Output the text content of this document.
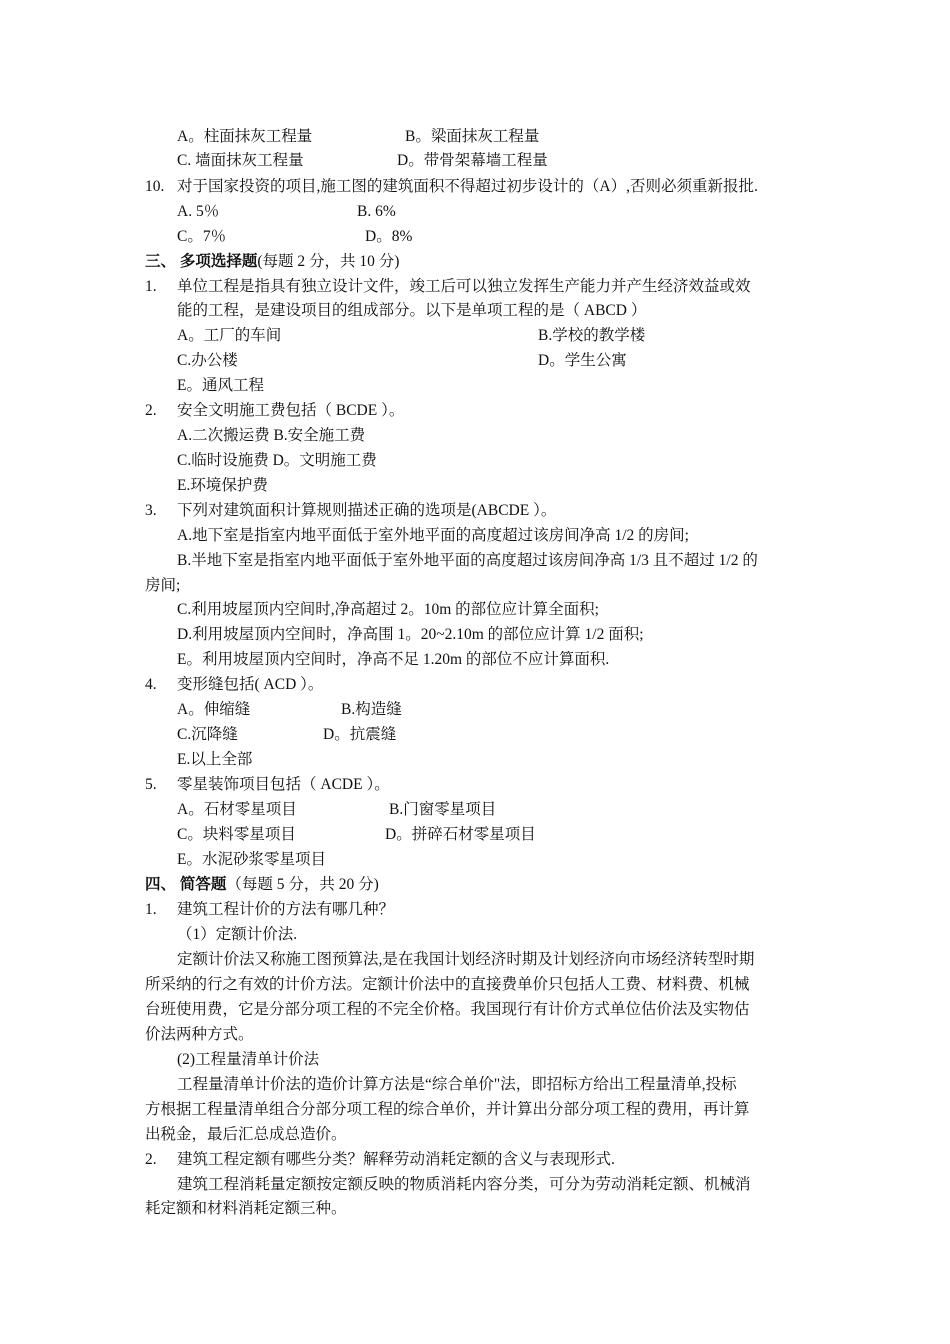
A。柱面抹灰工程量	B。梁面抹灰工程量
C. 墙面抹灰工程量	D。带骨架幕墙工程量
10. 对于国家投资的项目,施工图的建筑面积不得超过初步设计的（A）,否则必须重新报批.
A. 5％	B. 6%
C。7％	D。8%
三、 多项选择题(每题 2 分，共 10 分)
1. 单位工程是指具有独立设计文件，竣工后可以独立发挥生产能力并产生经济效益或效
能的工程，是建设项目的组成部分。以下是单项工程的是（ ABCD ）
A。工厂的车间	B.学校的教学楼
C.办公楼	D。学生公寓
E。通风工程
2. 安全文明施工费包括（ BCDE ）。
A.二次搬运费 B.安全施工费
C.临时设施费 D。文明施工费
E.环境保护费
3. 下列对建筑面积计算规则描述正确的选项是(ABCDE ）。
A.地下室是指室内地平面低于室外地平面的高度超过该房间净高 1/2 的房间;
B.半地下室是指室内地平面低于室外地平面的高度超过该房间净高 1/3 且不超过 1/2 的
房间;
C.利用坡屋顶内空间时,净高超过 2。10m 的部位应计算全面积;
D.利用坡屋顶内空间时，净高围 1。20~2.10m 的部位应计算 1/2 面积;
E。利用坡屋顶内空间时，净高不足 1.20m 的部位不应计算面积.
4. 变形缝包括( ACD ）。
A。伸缩缝	B.构造缝
C.沉降缝	D。抗震缝
E.以上全部
5. 零星装饰项目包括（ ACDE ）。
A。石材零星项目	B.门窗零星项目
C。块料零星项目	D。拼碎石材零星项目
E。水泥砂浆零星项目
四、 简答题（每题 5 分，共 20 分)
1. 建筑工程计价的方法有哪几种？
（1）定额计价法.
定额计价法又称施工图预算法,是在我国计划经济时期及计划经济向市场经济转型时期
所采纳的行之有效的计价方法。定额计价法中的直接费单价只包括人工费、材料费、机械
台班使用费，它是分部分项工程的不完全价格。我国现行有计价方式单位估价法及实物估
价法两种方式。
(2)工程量清单计价法
工程量清单计价法的造价计算方法是“综合单价"法，即招标方给出工程量清单,投标
方根据工程量清单组合分部分项工程的综合单价，并计算出分部分项工程的费用，再计算
出税金，最后汇总成总造价。
2. 建筑工程定额有哪些分类？解释劳动消耗定额的含义与表现形式.
建筑工程消耗量定额按定额反映的物质消耗内容分类，可分为劳动消耗定额、机械消
耗定额和材料消耗定额三种。
